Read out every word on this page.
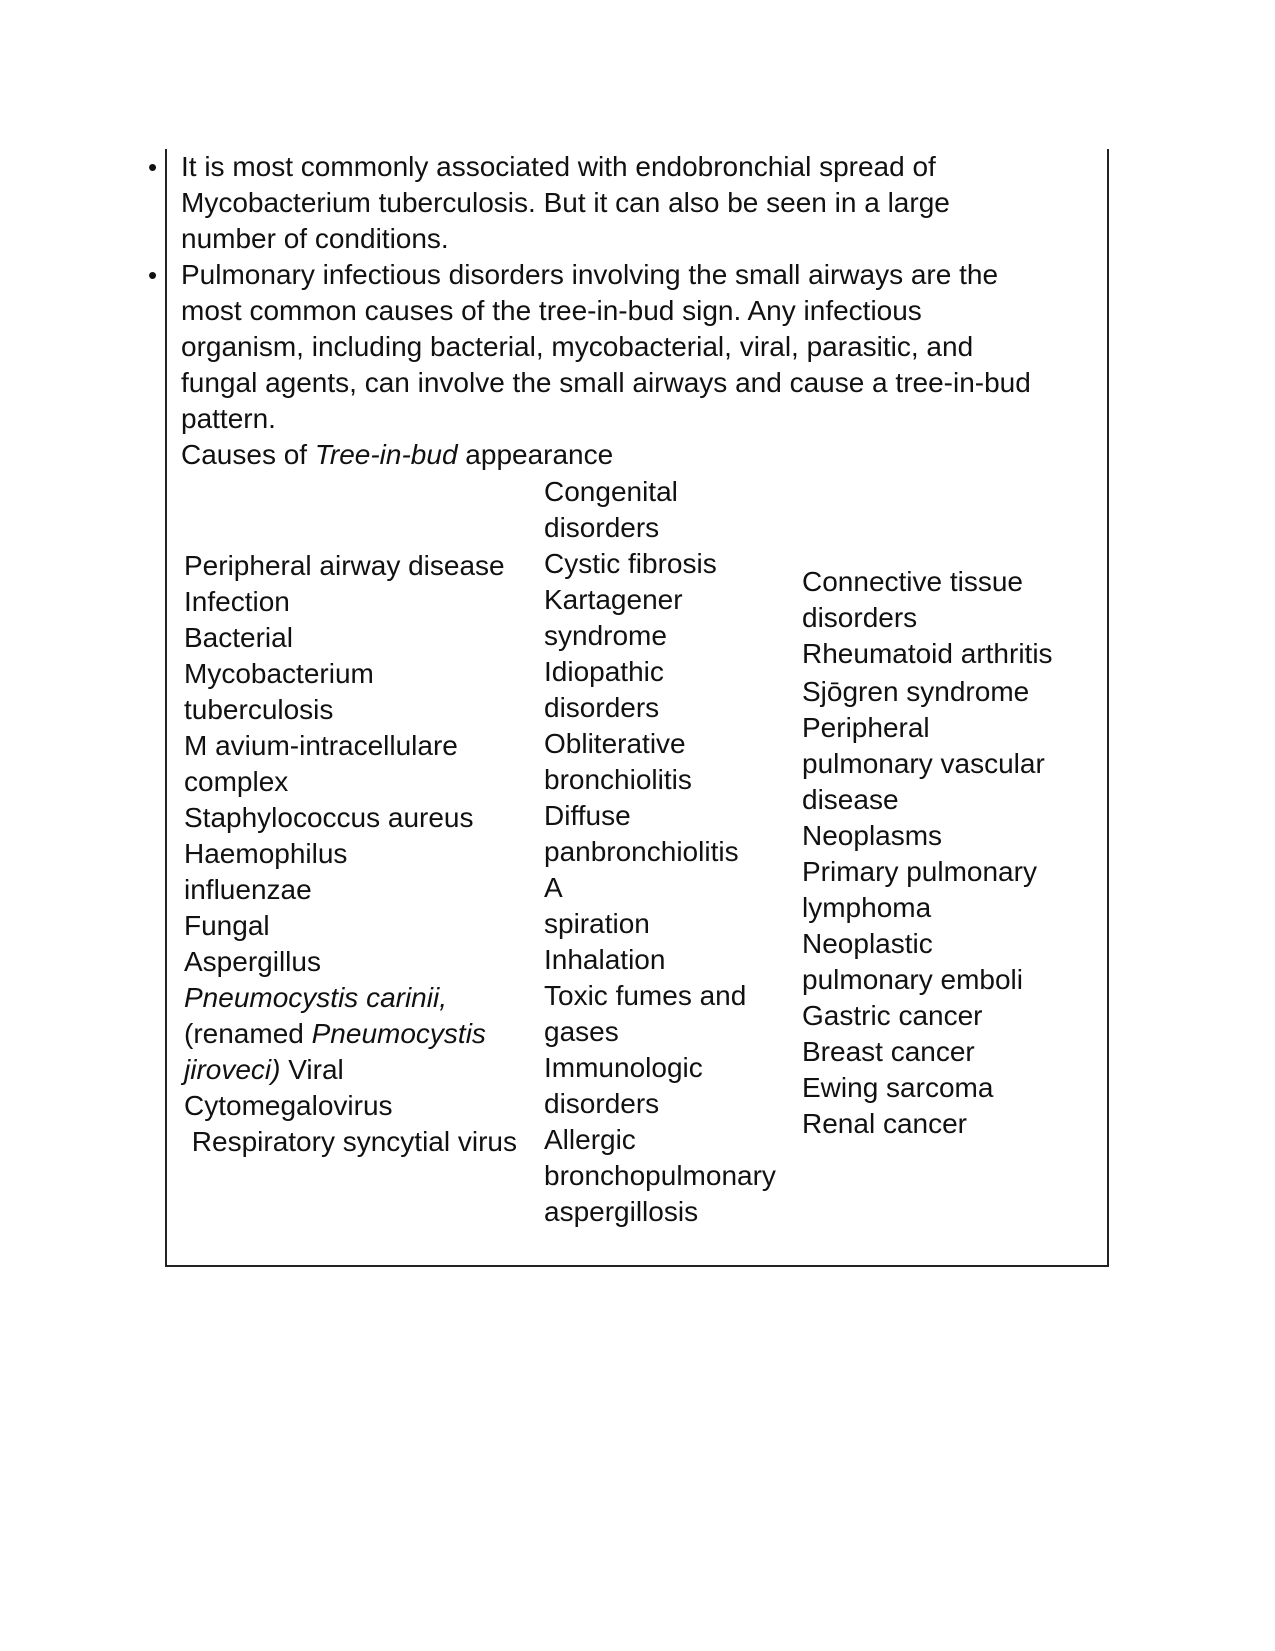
• It is most commonly associated with endobronchial spread of
Mycobacterium tuberculosis. But it can also be seen in a large
number of conditions.

• Pulmonary infectious disorders involving the small airways are the
most common causes of the tree-in-bud sign. Any infectious
organism, including bacterial, mycobacterial, viral, parasitic, and
fungal agents, can involve the small airways and cause a tree-in-bud
pattern.

Causes of Tree-in-bud appearance

Peripheral airway disease
Infection
Bacterial
Mycobacterium
tuberculosis
M avium-intracellulare
complex
Staphylococcus aureus
Haemophilus
influenzae
Fungal
Aspergillus
Pneumocystis carinii,
(renamed Pneumocystis
jiroveci) Viral
Cytomegalovirus
Respiratory syncytial virus
Congenital
disorders
Cystic fibrosis
Kartagener
syndrome
Idiopathic
disorders
Obliterative
bronchiolitis
Diffuse
panbronchiolitis
A
spiration
Inhalation
Toxic fumes and
gases
Immunologic
disorders
Allergic
bronchopulmonary
aspergillosis
Connective tissue
disorders
Rheumatoid arthritis
Sjōgren syndrome
Peripheral
pulmonary vascular
disease
Neoplasms
Primary pulmonary
lymphoma
Neoplastic
pulmonary emboli
Gastric cancer
Breast cancer
Ewing sarcoma
Renal cancer
